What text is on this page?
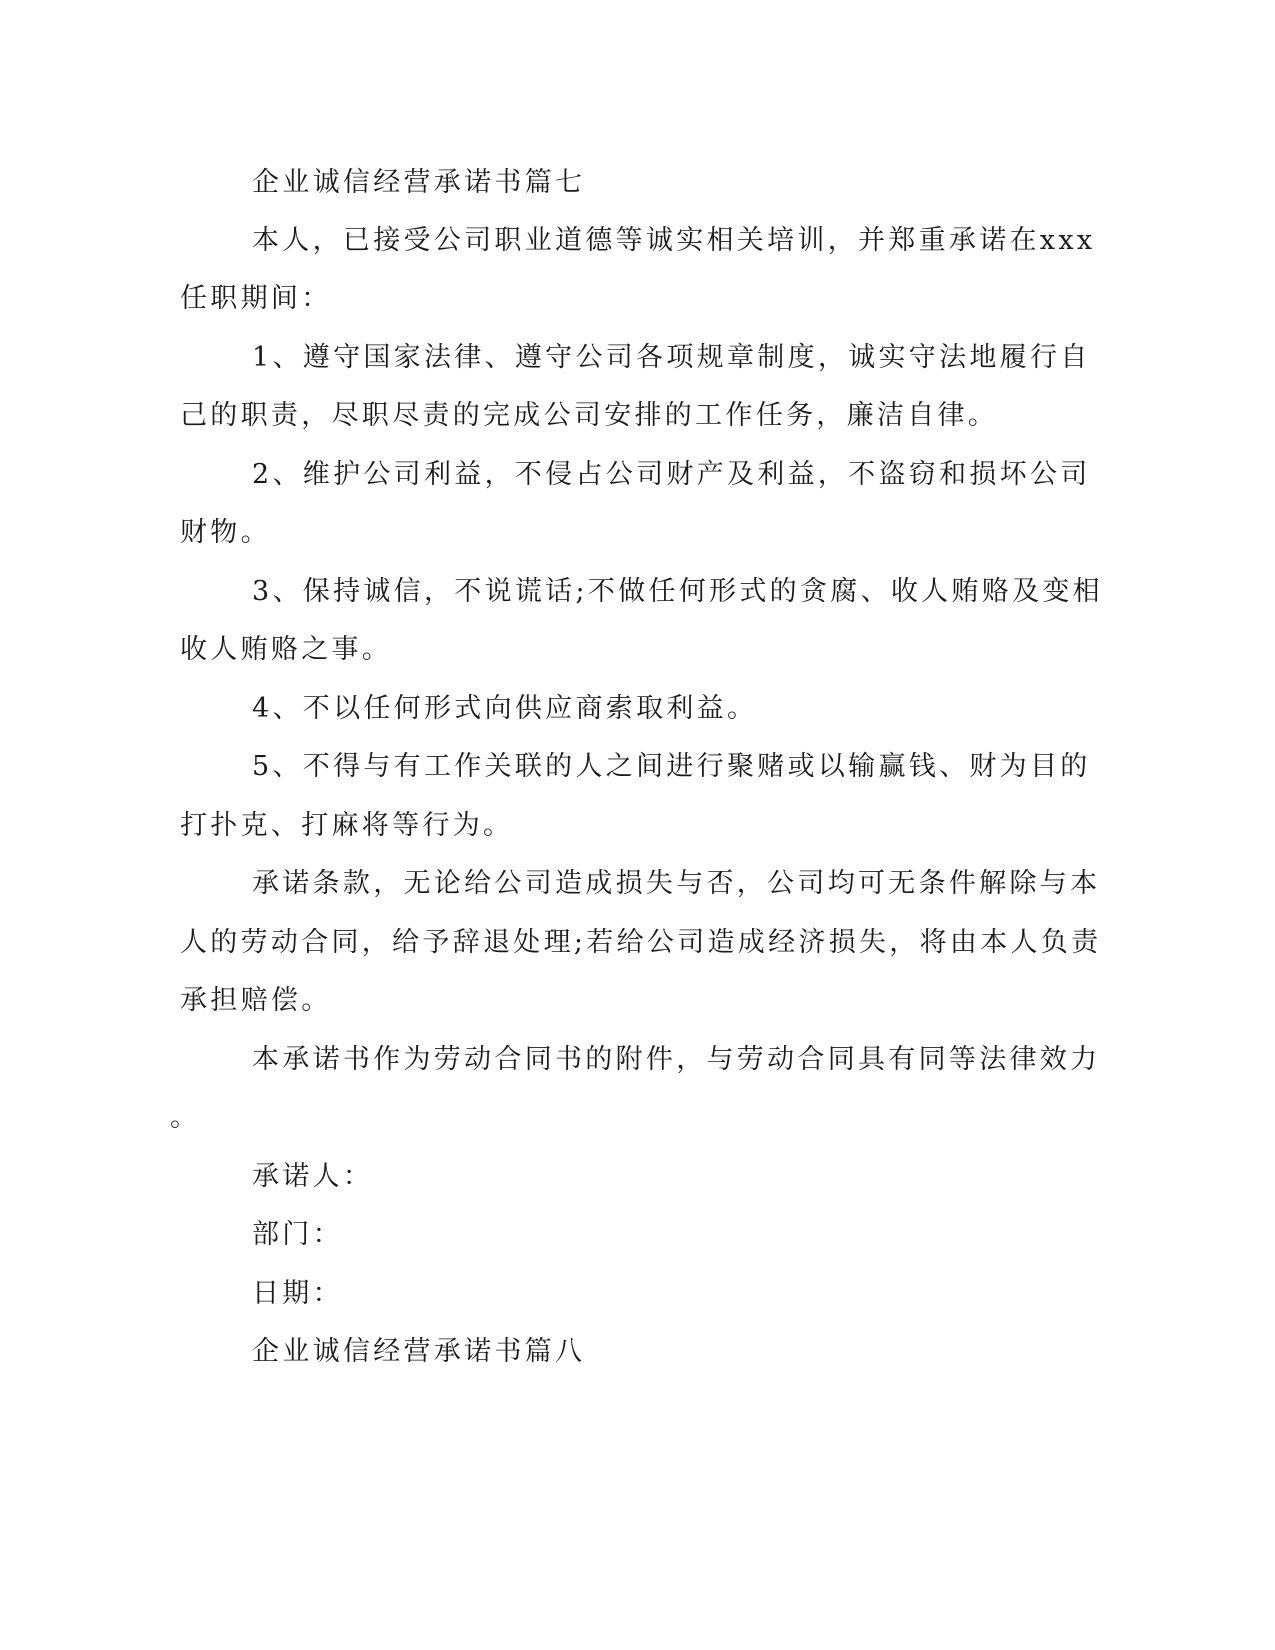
企业诚信经营承诺书篇七
本人，已接受公司职业道德等诚实相关培训，并郑重承诺在xxx
任职期间：
1、遵守国家法律、遵守公司各项规章制度，诚实守法地履行自
己的职责，尽职尽责的完成公司安排的工作任务，廉洁自律。
2、维护公司利益，不侵占公司财产及利益，不盗窃和损坏公司
财物。
3、保持诚信，不说谎话;不做任何形式的贪腐、收人贿赂及变相
收人贿赂之事。
4、不以任何形式向供应商索取利益。
5、不得与有工作关联的人之间进行聚赌或以输赢钱、财为目的
打扑克、打麻将等行为。
承诺条款，无论给公司造成损失与否，公司均可无条件解除与本
人的劳动合同，给予辞退处理;若给公司造成经济损失，将由本人负责
承担赔偿。
本承诺书作为劳动合同书的附件，与劳动合同具有同等法律效力
。
承诺人：
部门：
日期：
企业诚信经营承诺书篇八
